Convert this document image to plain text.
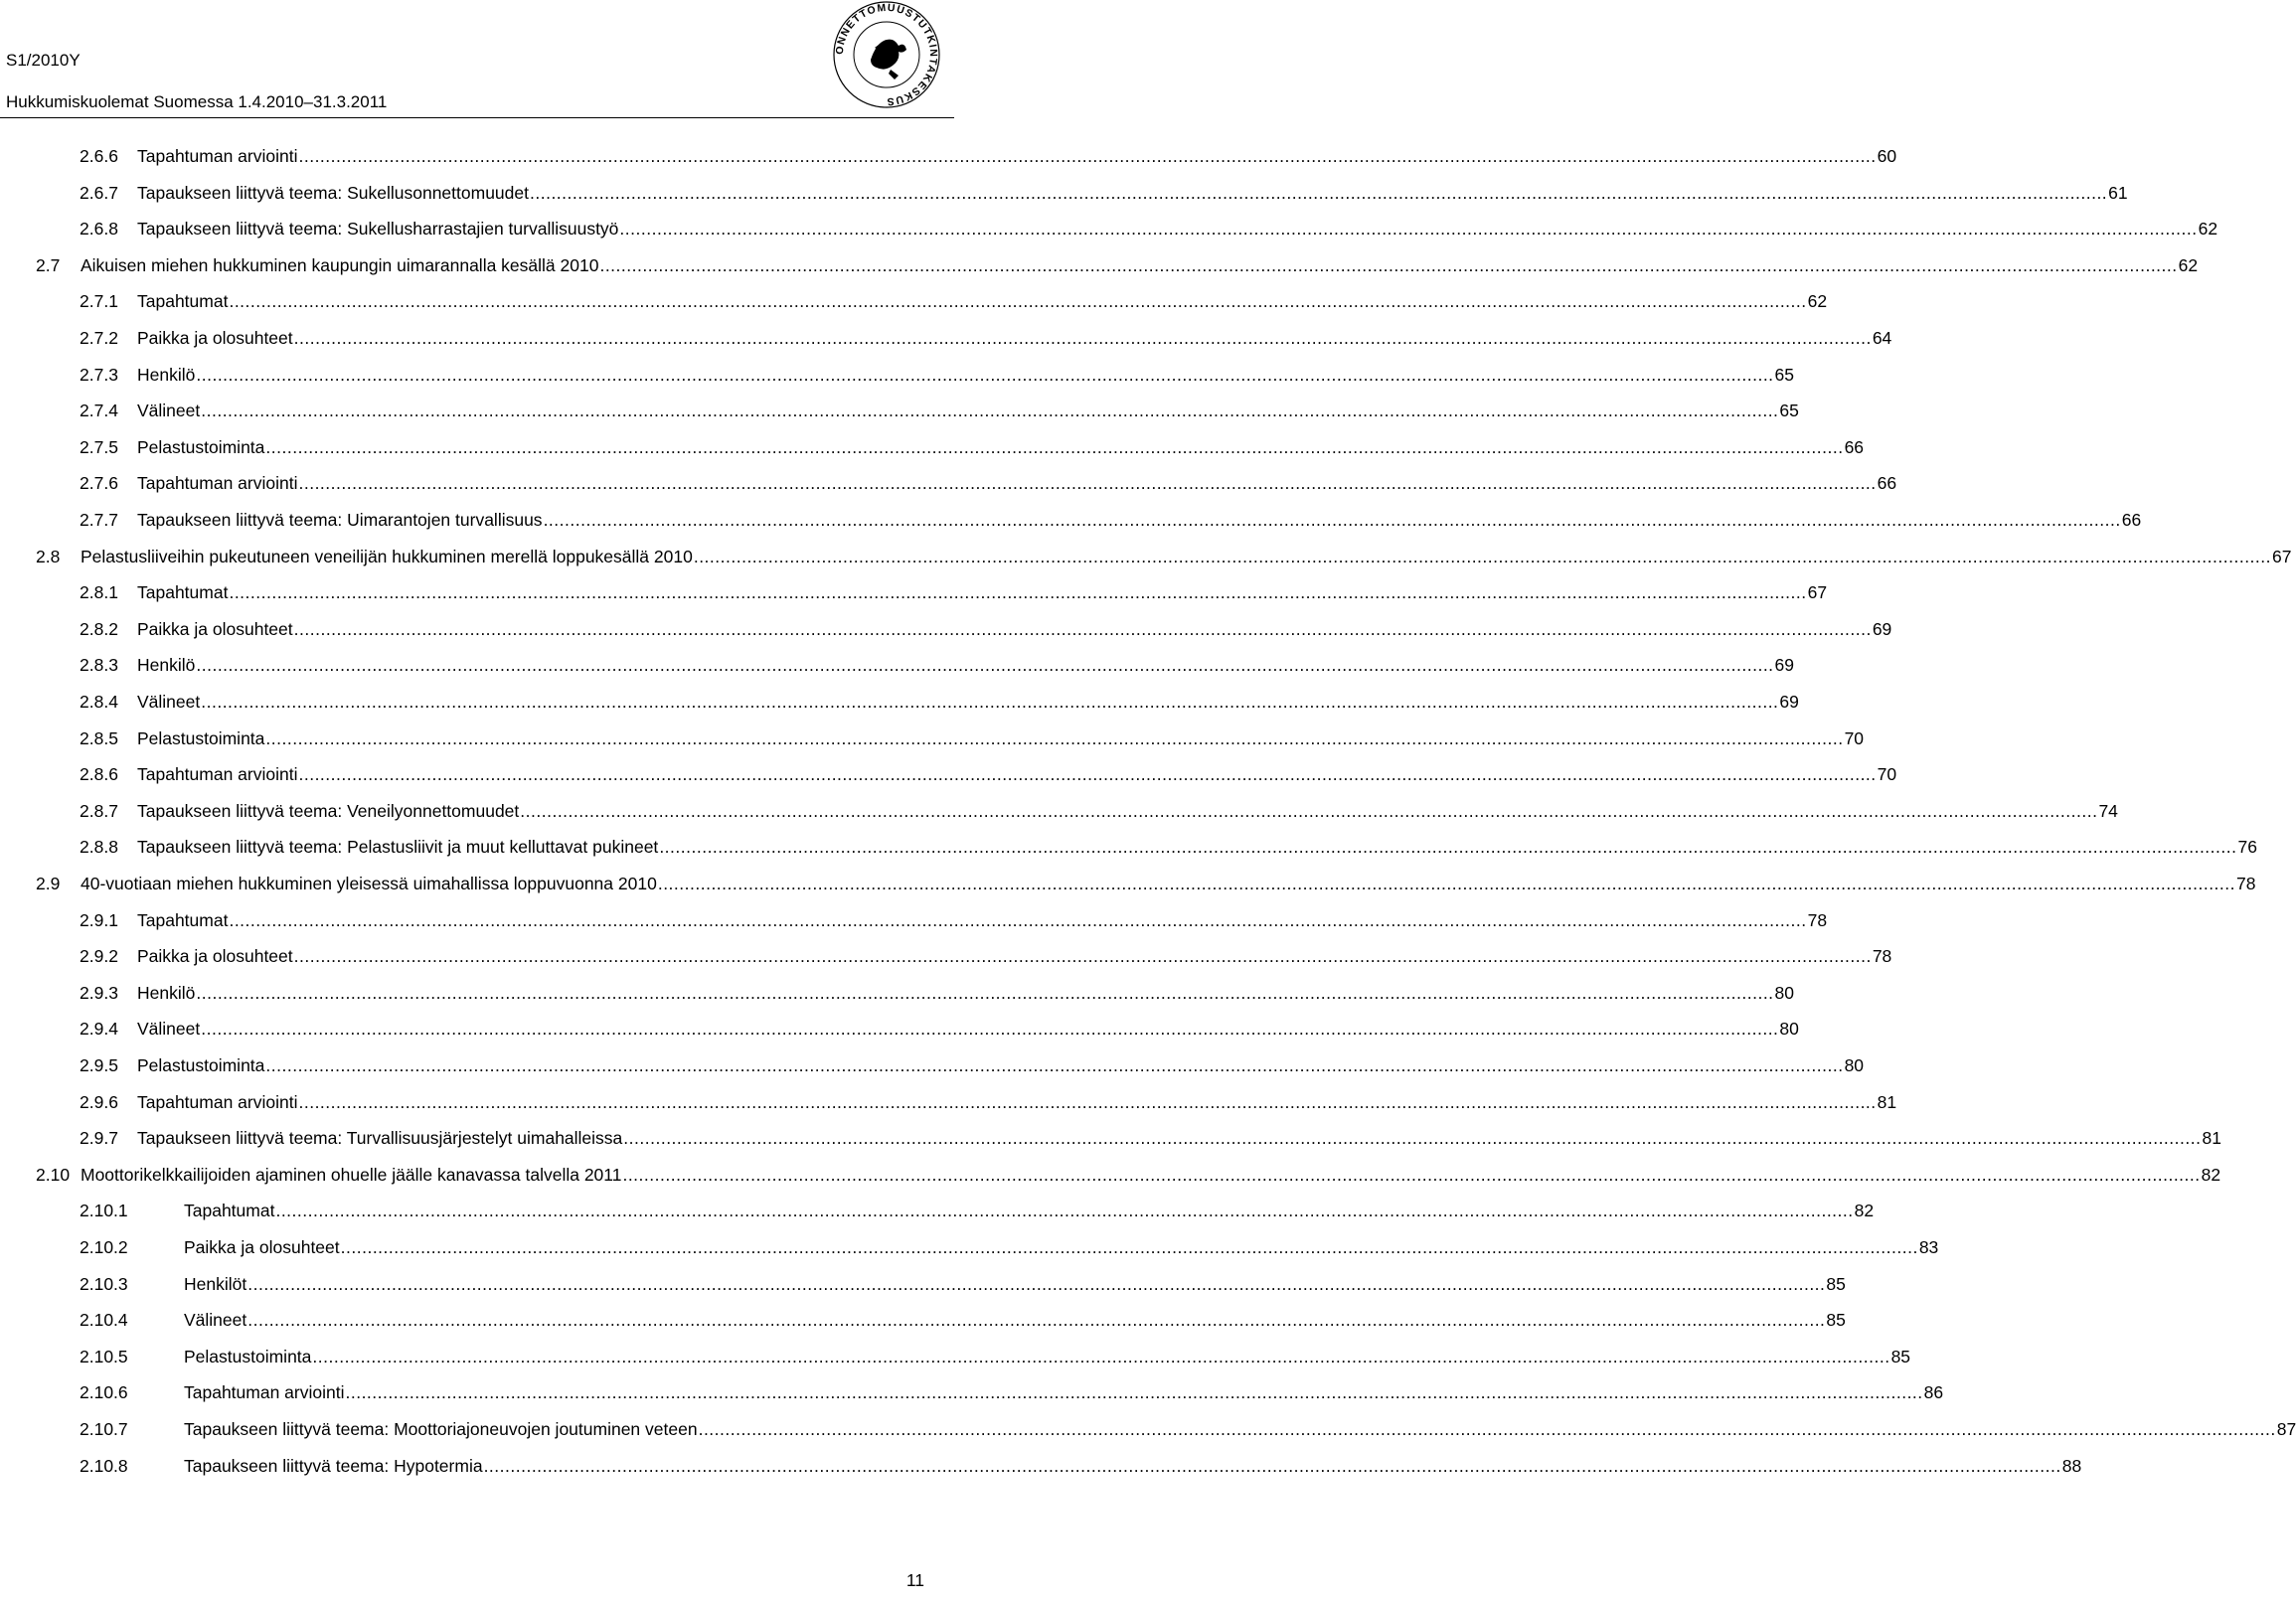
S1/2010Y
Hukkumiskuolemat Suomessa 1.4.2010–31.3.2011
ONNETTOMUUSTUTKINTAKESKUS
2.6.6	Tapahtuman arviointi .....	60
2.6.7	Tapaukseen liittyvä teema: Sukellusonnettomuudet .....	61
2.6.8	Tapaukseen liittyvä teema: Sukellusharrastajien turvallisuustyö .....	62
2.7	Aikuisen miehen hukkuminen kaupungin uimarannalla kesällä 2010 .....	62
2.7.1	Tapahtumat .....	62
2.7.2	Paikka ja olosuhteet .....	64
2.7.3	Henkilö .....	65
2.7.4	Välineet .....	65
2.7.5	Pelastustoiminta .....	66
2.7.6	Tapahtuman arviointi .....	66
2.7.7	Tapaukseen liittyvä teema: Uimarantojen turvallisuus .....	66
2.8	Pelastusliiveihin pukeutuneen veneilijän hukkuminen merellä loppukesällä 2010 .....	67
2.8.1	Tapahtumat .....	67
2.8.2	Paikka ja olosuhteet .....	69
2.8.3	Henkilö .....	69
2.8.4	Välineet .....	69
2.8.5	Pelastustoiminta .....	70
2.8.6	Tapahtuman arviointi .....	70
2.8.7	Tapaukseen liittyvä teema: Veneilyonnettomuudet .....	74
2.8.8	Tapaukseen liittyvä teema: Pelastusliivit ja muut kelluttavat pukineet .....	76
2.9	40-vuotiaan miehen hukkuminen yleisessä uimahallissa loppuvuonna 2010 .....	78
2.9.1	Tapahtumat .....	78
2.9.2	Paikka ja olosuhteet .....	78
2.9.3	Henkilö .....	80
2.9.4	Välineet .....	80
2.9.5	Pelastustoiminta .....	80
2.9.6	Tapahtuman arviointi .....	81
2.9.7	Tapaukseen liittyvä teema: Turvallisuusjärjestelyt uimahalleissa .....	81
2.10 Moottorikelkkailijoiden ajaminen ohuelle jäälle kanavassa talvella 2011 .....	82
2.10.1	Tapahtumat .....	82
2.10.2	Paikka ja olosuhteet .....	83
2.10.3	Henkilöt .....	85
2.10.4	Välineet .....	85
2.10.5	Pelastustoiminta .....	85
2.10.6	Tapahtuman arviointi .....	86
2.10.7	Tapaukseen liittyvä teema: Moottoriajoneuvojen joutuminen veteen .....	87
2.10.8	Tapaukseen liittyvä teema: Hypotermia .....	88
11
